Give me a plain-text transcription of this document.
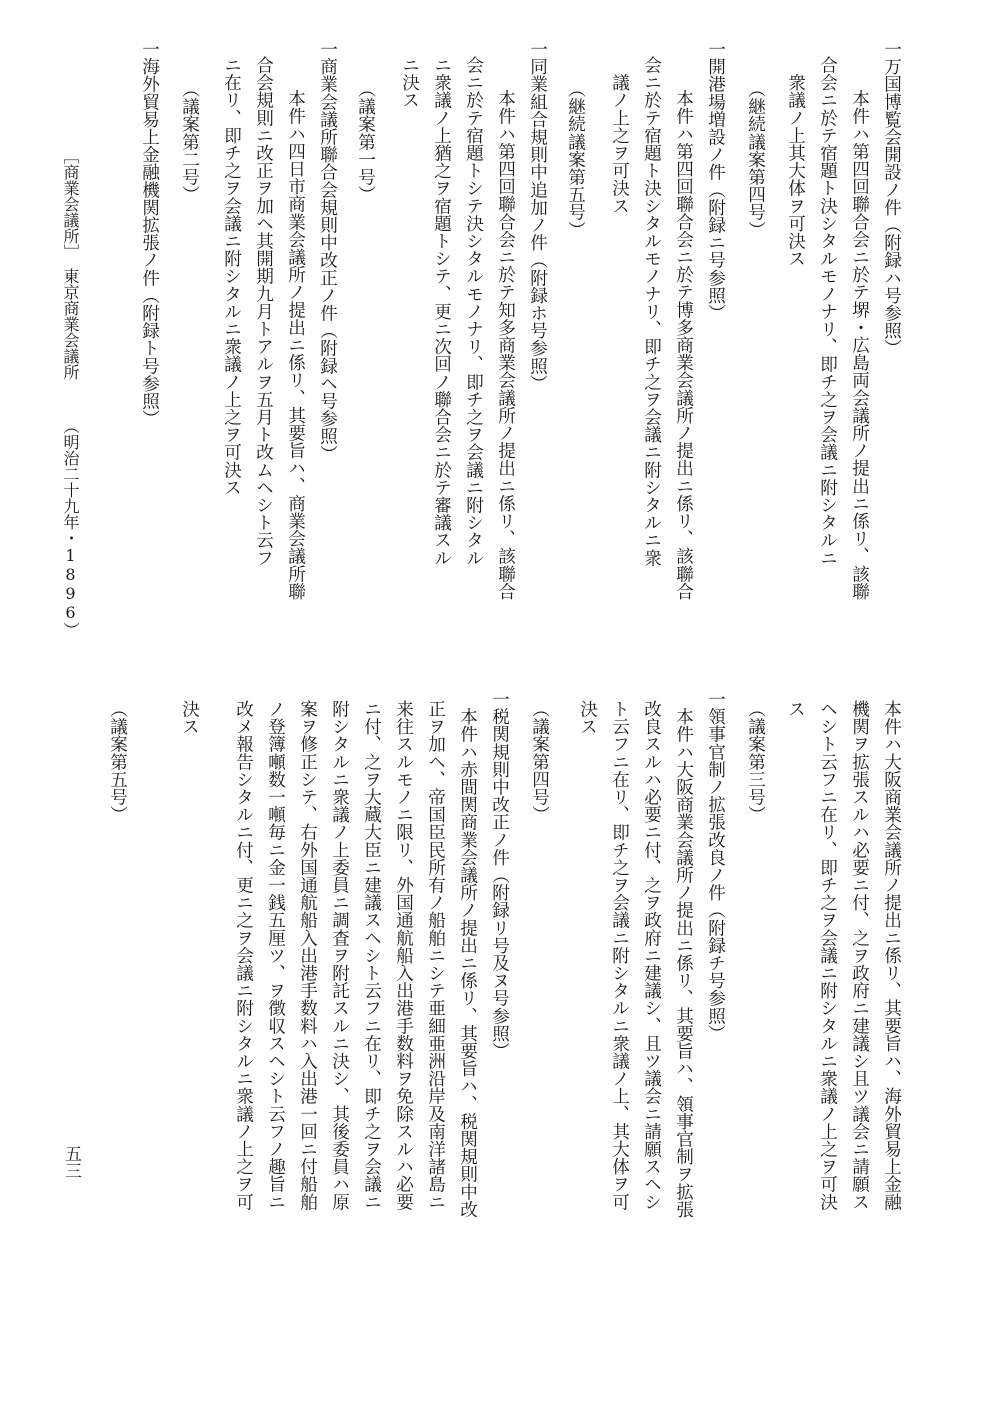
一万国博覧会開設ノ件（附録ハ号参照）
　本件ハ第四回聯合会ニ於テ堺・広島両会議所ノ提出ニ係リ、該聯
合会ニ於テ宿題ト決シタルモノナリ、即チ之ヲ会議ニ附シタルニ
　衆議ノ上其大体ヲ可決ス
（継続議案第四号）
一開港場増設ノ件（附録ニ号参照）
　本件ハ第四回聯合会ニ於テ博多商業会議所ノ提出ニ係リ、該聯合
会ニ於テ宿題ト決シタルモノナリ、即チ之ヲ会議ニ附シタルニ衆
　議ノ上之ヲ可決ス
（継続議案第五号）
一同業組合規則中追加ノ件（附録ホ号参照）
　本件ハ第四回聯合会ニ於テ知多商業会議所ノ提出ニ係リ、該聯合
会ニ於テ宿題トシテ決シタルモノナリ、即チ之ヲ会議ニ附シタル
ニ衆議ノ上猶之ヲ宿題トシテ、更ニ次回ノ聯合会ニ於テ審議スル
ニ決ス
（議案第一号）
一商業会議所聯合会規則中改正ノ件（附録ヘ号参照）
　本件ハ四日市商業会議所ノ提出ニ係リ、其要旨ハ、商業会議所聯
合会規則ニ改正ヲ加ヘ其開期九月トアルヲ五月ト改ムヘシト云フ
ニ在リ、即チ之ヲ会議ニ附シタルニ衆議ノ上之ヲ可決ス
（議案第二号）
一海外貿易上金融機関拡張ノ件（附録ト号参照）
本件ハ大阪商業会議所ノ提出ニ係リ、其要旨ハ、海外貿易上金融
機関ヲ拡張スルハ必要ニ付、之ヲ政府ニ建議シ且ツ議会ニ請願ス
ヘシト云フニ在リ、即チ之ヲ会議ニ附シタルニ衆議ノ上之ヲ可決
ス
（議案第三号）
一領事官制ノ拡張改良ノ件（附録チ号参照）
　本件ハ大阪商業会議所ノ提出ニ係リ、其要旨ハ、領事官制ヲ拡張
改良スルハ必要ニ付、之ヲ政府ニ建議シ、且ツ議会ニ請願スヘシ
ト云フニ在リ、即チ之ヲ会議ニ附シタルニ衆議ノ上、其大体ヲ可
決ス
（議案第四号）
一税関規則中改正ノ件（附録リ号及ヌ号参照）
　本件ハ赤間関商業会議所ノ提出ニ係リ、其要旨ハ、税関規則中改
正ヲ加ヘ、帝国臣民所有ノ船舶ニシテ亜細亜洲沿岸及南洋諸島ニ
来往スルモノニ限リ、外国通航船入出港手数料ヲ免除スルハ必要
ニ付、之ヲ大蔵大臣ニ建議スヘシト云フニ在リ、即チ之ヲ会議ニ
附シタルニ衆議ノ上委員ニ調査ヲ附託スルニ決シ、其後委員ハ原
案ヲ修正シテ、右外国通航船入出港手数料ハ入出港一回ニ付船舶
ノ登簿噸数一噸毎ニ金一銭五厘ツ、ヲ徴収スヘシト云フノ趣旨ニ
改メ報告シタルニ付、更ニ之ヲ会議ニ附シタルニ衆議ノ上之ヲ可
決ス
（議案第五号）
［商業会議所］
東京商業会議所
（明治二十九年・1896）
五三
